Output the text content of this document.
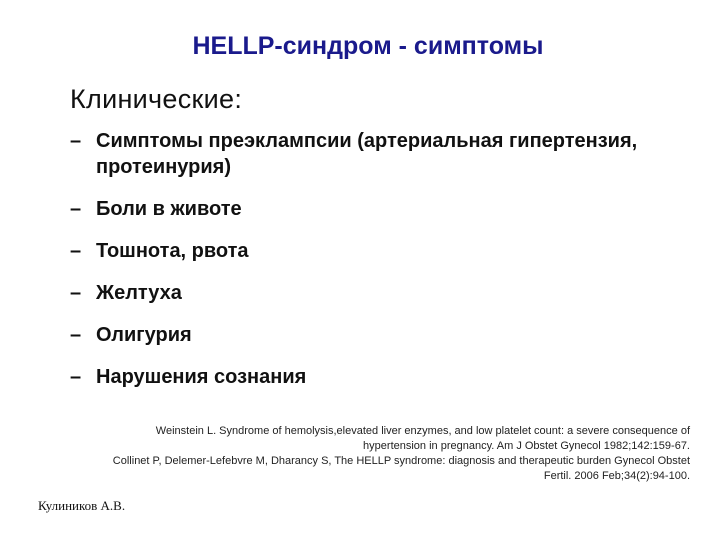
HELLP-синдром - симптомы
Клинические:
– Симптомы преэклампсии (артериальная гипертензия, протеинурия)
– Боли в животе
– Тошнота, рвота
– Желтуха
– Олигурия
– Нарушения сознания

Weinstein L. Syndrome of hemolysis,elevated liver enzymes, and low platelet count: a severe consequence of hypertension in pregnancy. Am J Obstet Gynecol 1982;142:159-67.

Collinet P, Delemer-Lefebvre M, Dharancy S, The HELLP syndrome: diagnosis and therapeutic burden Gynecol Obstet Fertil. 2006 Feb;34(2):94-100.

Кулиников А.В.
